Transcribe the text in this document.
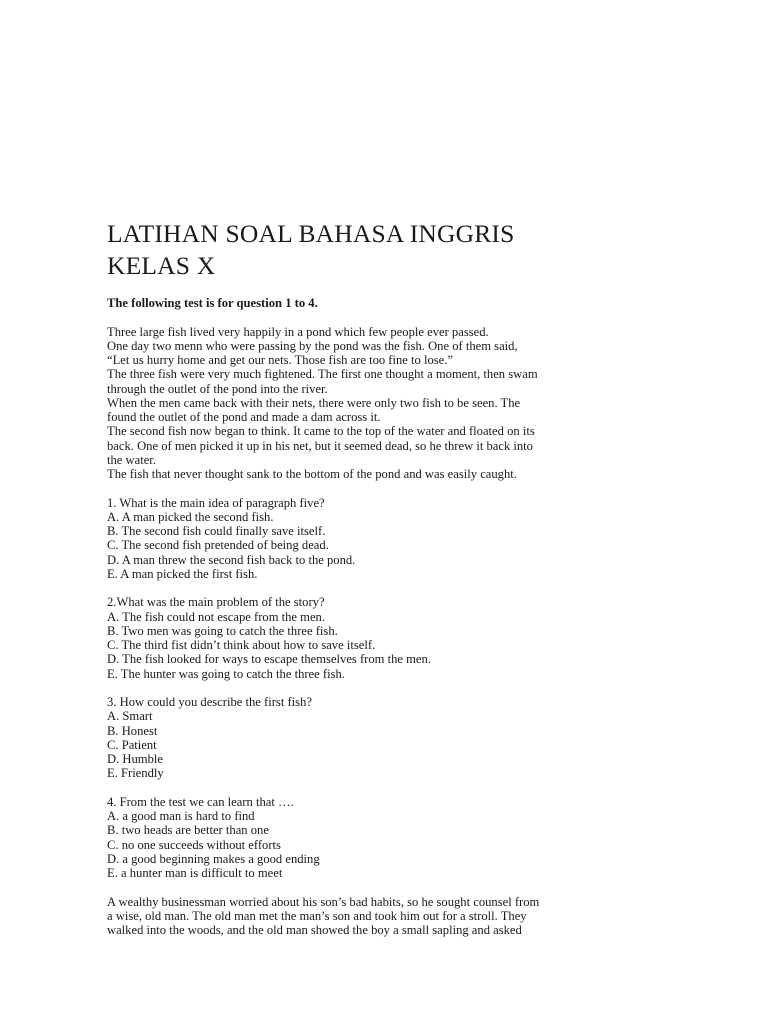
LATIHAN SOAL BAHASA INGGRIS
KELAS X
The following test is for question 1 to 4.
Three large fish lived very happily in a pond which few people ever passed.
One day two menn who were passing by the pond was the fish. One of them said,
“Let us hurry home and get our nets. Those fish are too fine to lose.”
The three fish were very much fightened. The first one thought a moment, then swam
through the outlet of the pond into the river.
When the men came back with their nets, there were only two fish to be seen. The
found the outlet of the pond and made a dam across it.
The second fish now began to think. It came to the top of the water and floated on its
back. One of men picked it up in his net, but it seemed dead, so he threw it back into
the water.
The fish that never thought sank to the bottom of the pond and was easily caught.
1. What is the main idea of paragraph five?
A. A man picked the second fish.
B. The second fish could finally save itself.
C. The second fish pretended of being dead.
D. A man threw the second fish back to the pond.
E. A man picked the first fish.
2.What was the main problem of the story?
A. The fish could not escape from the men.
B. Two men was going to catch the three fish.
C. The third fist didn’t think about how to save itself.
D. The fish looked for ways to escape themselves from the men.
E. The hunter was going to catch the three fish.
3. How could you describe the first fish?
A. Smart
B. Honest
C. Patient
D. Humble
E. Friendly
4. From the test we can learn that ….
A. a good man is hard to find
B. two heads are better than one
C. no one succeeds without efforts
D. a good beginning makes a good ending
E. a hunter man is difficult to meet
A wealthy businessman worried about his son’s bad habits, so he sought counsel from
a wise, old man. The old man met the man’s son and took him out for a stroll. They
walked into the woods, and the old man showed the boy a small sapling and asked
